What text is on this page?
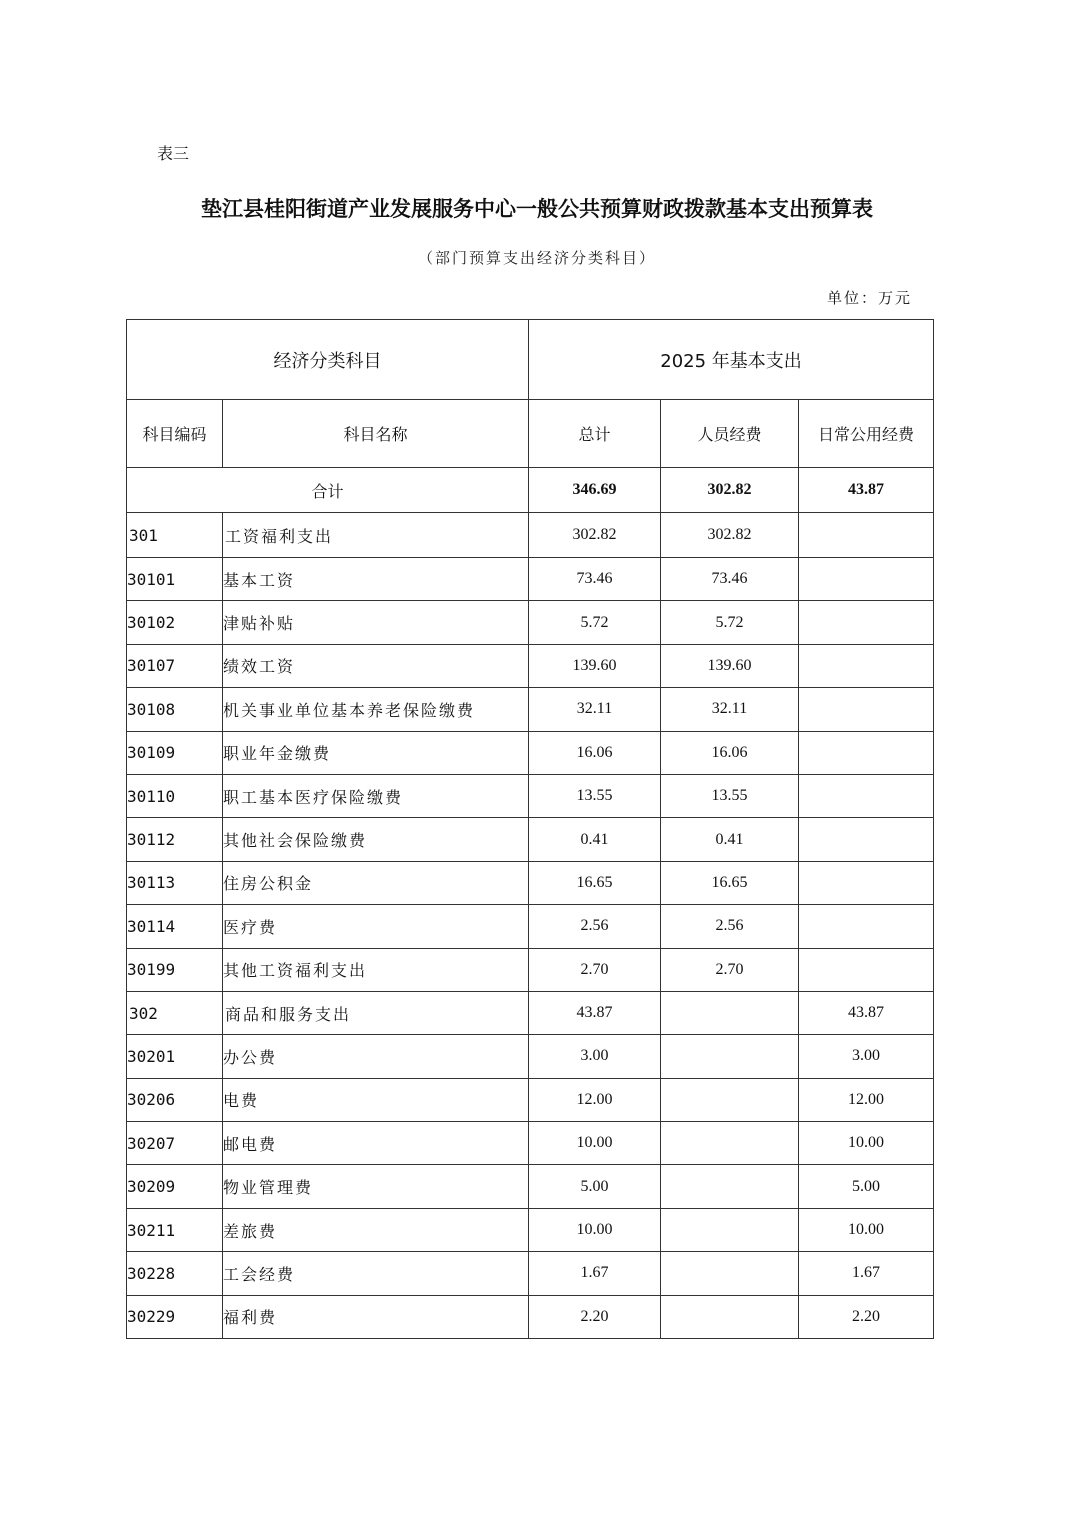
表三
垫江县桂阳街道产业发展服务中心一般公共预算财政拨款基本支出预算表
（部门预算支出经济分类科目）
单位：万元
经济分类科目		2025 年基本支出		
科目编码	科目名称	总计	人员经费	日常公用经费
合计		346.69	302.82	43.87
301	工资福利支出	302.82	302.82	
30101	基本工资	73.46	73.46	
30102	津贴补贴	5.72	5.72	
30107	绩效工资	139.60	139.60	
30108	机关事业单位基本养老保险缴费	32.11	32.11	
30109	职业年金缴费	16.06	16.06	
30110	职工基本医疗保险缴费	13.55	13.55	
30112	其他社会保险缴费	0.41	0.41	
30113	住房公积金	16.65	16.65	
30114	医疗费	2.56	2.56	
30199	其他工资福利支出	2.70	2.70	
302	商品和服务支出	43.87		43.87
30201	办公费	3.00		3.00
30206	电费	12.00		12.00
30207	邮电费	10.00		10.00
30209	物业管理费	5.00		5.00
30211	差旅费	10.00		10.00
30228	工会经费	1.67		1.67
30229	福利费	2.20		2.20
